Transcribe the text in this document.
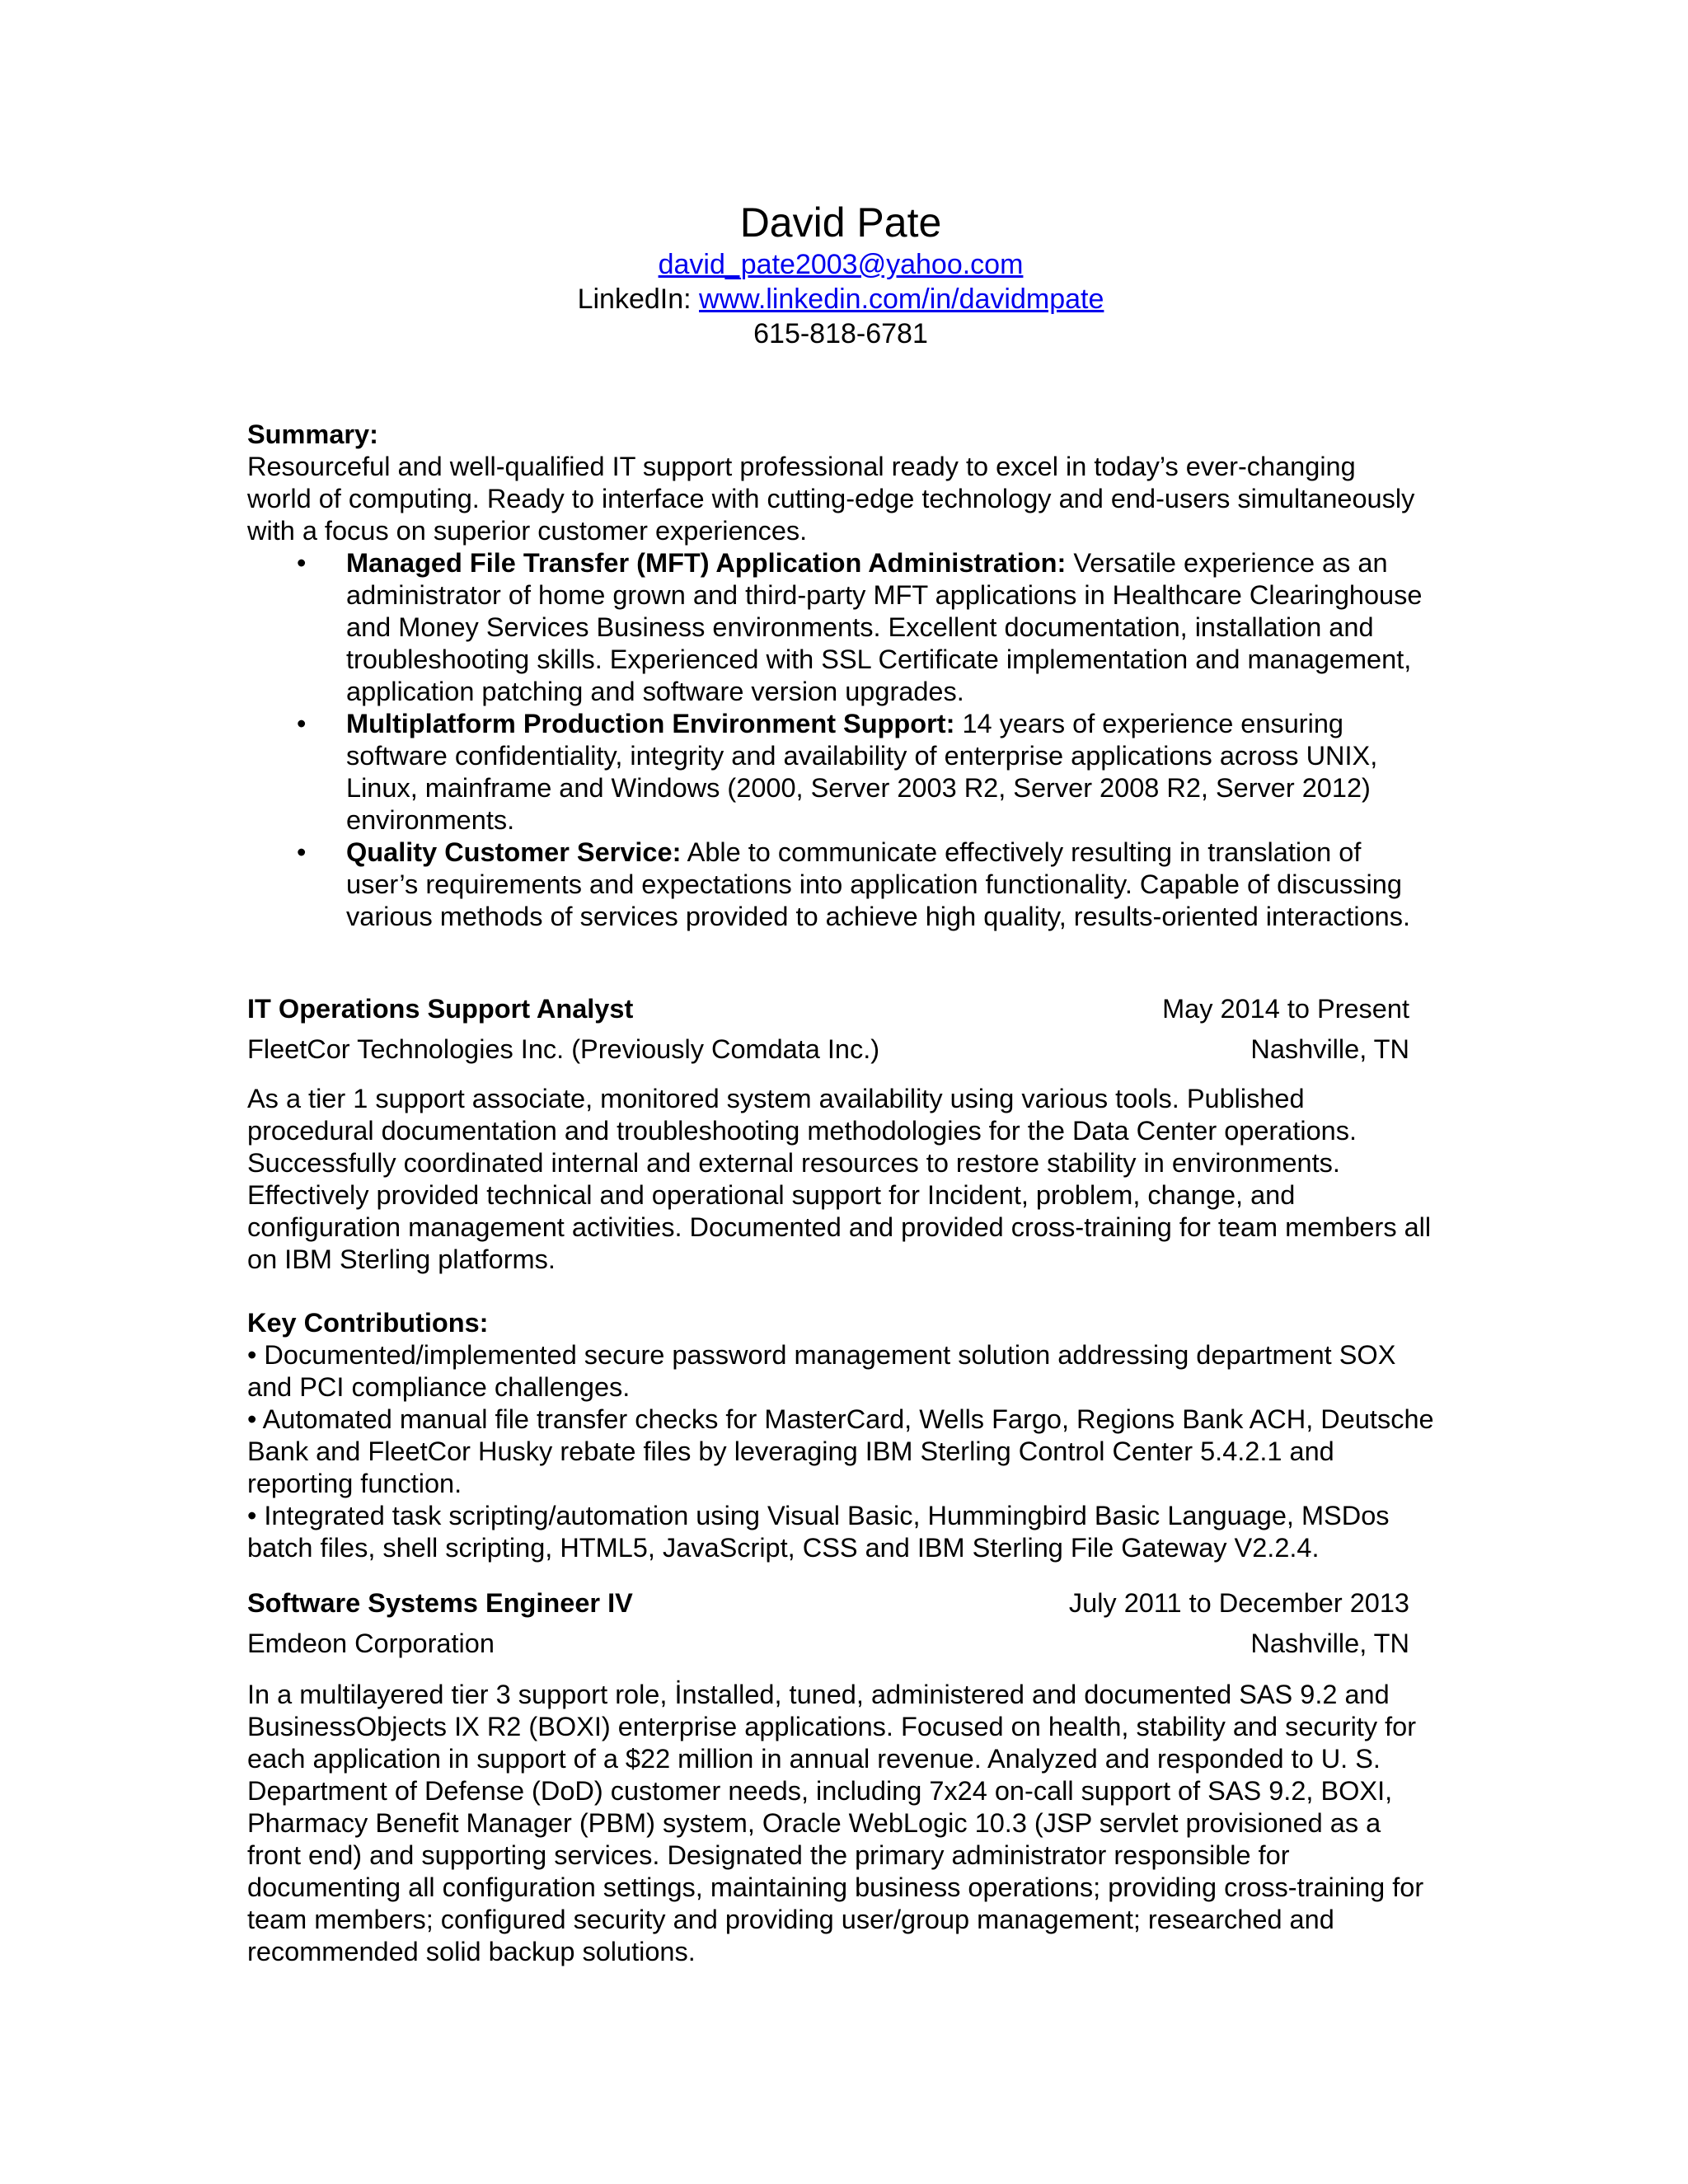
David Pate
david_pate2003@yahoo.com
LinkedIn: www.linkedin.com/in/davidmpate
615-818-6781
Summary:
Resourceful and well-qualified IT support professional ready to excel in today’s ever-changing world of computing. Ready to interface with cutting-edge technology and end-users simultaneously with a focus on superior customer experiences.
• Managed File Transfer (MFT) Application Administration: Versatile experience as an administrator of home grown and third-party MFT applications in Healthcare Clearinghouse and Money Services Business environments. Excellent documentation, installation and troubleshooting skills. Experienced with SSL Certificate implementation and management, application patching and software version upgrades.
• Multiplatform Production Environment Support: 14 years of experience ensuring software confidentiality, integrity and availability of enterprise applications across UNIX, Linux, mainframe and Windows (2000, Server 2003 R2, Server 2008 R2, Server 2012) environments.
• Quality Customer Service: Able to communicate effectively resulting in translation of user’s requirements and expectations into application functionality. Capable of discussing various methods of services provided to achieve high quality, results-oriented interactions.
IT Operations Support Analyst	May 2014 to Present
FleetCor Technologies Inc. (Previously Comdata Inc.)	Nashville, TN
As a tier 1 support associate, monitored system availability using various tools. Published procedural documentation and troubleshooting methodologies for the Data Center operations. Successfully coordinated internal and external resources to restore stability in environments. Effectively provided technical and operational support for Incident, problem, change, and configuration management activities. Documented and provided cross-training for team members all on IBM Sterling platforms.
Key Contributions:
• Documented/implemented secure password management solution addressing department SOX and PCI compliance challenges.
• Automated manual file transfer checks for MasterCard, Wells Fargo, Regions Bank ACH, Deutsche Bank and FleetCor Husky rebate files by leveraging IBM Sterling Control Center 5.4.2.1 and reporting function.
• Integrated task scripting/automation using Visual Basic, Hummingbird Basic Language, MSDos batch files, shell scripting, HTML5, JavaScript, CSS and IBM Sterling File Gateway V2.2.4.
Software Systems Engineer IV	July 2011 to December 2013
Emdeon Corporation	Nashville, TN
In a multilayered tier 3 support role, İnstalled, tuned, administered and documented SAS 9.2 and BusinessObjects IX R2 (BOXI) enterprise applications. Focused on health, stability and security for each application in support of a $22 million in annual revenue. Analyzed and responded to U. S. Department of Defense (DoD) customer needs, including 7x24 on-call support of SAS 9.2, BOXI, Pharmacy Benefit Manager (PBM) system, Oracle WebLogic 10.3 (JSP servlet provisioned as a front end) and supporting services. Designated the primary administrator responsible for documenting all configuration settings, maintaining business operations; providing cross-training for team members; configured security and providing user/group management; researched and recommended solid backup solutions.
